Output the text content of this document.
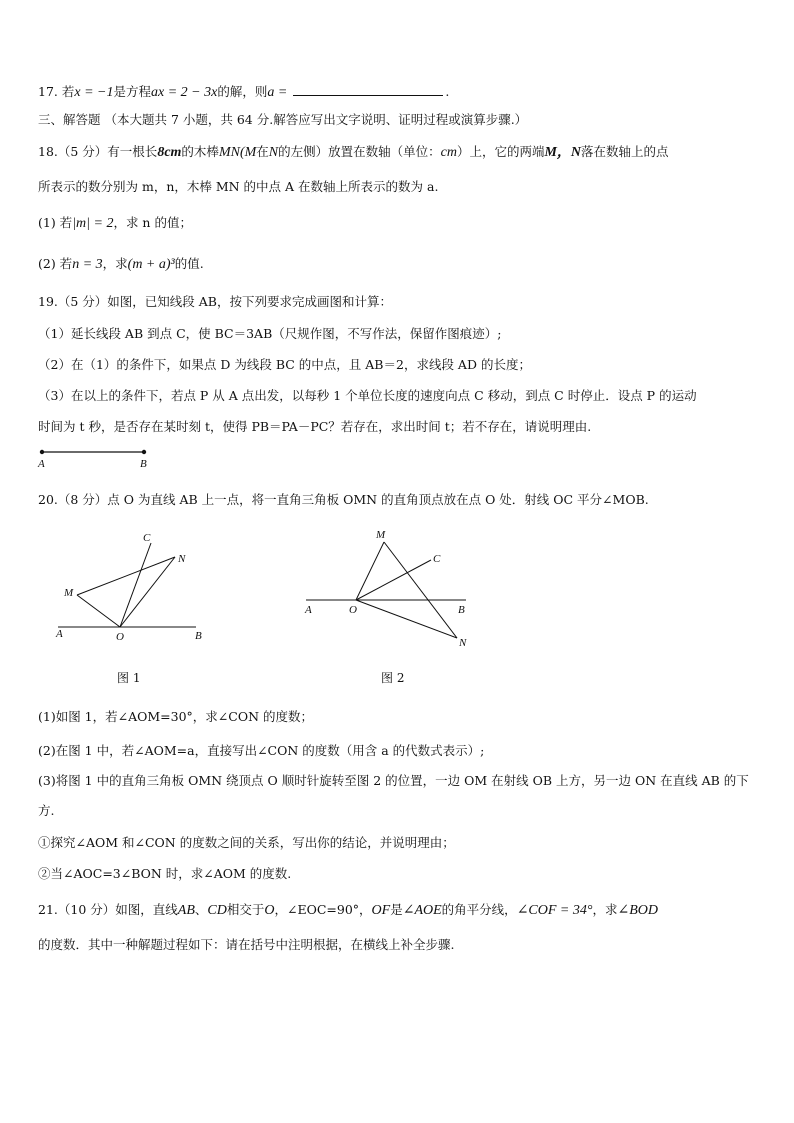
17. 若x = −1是方程ax = 2 − 3x的解，则a =	.
三、解答题 （本大题共 7 小题，共 64 分.解答应写出文字说明、证明过程或演算步骤.）
18.（5 分）有一根长8cm的木棒MN(M在N的左侧）放置在数轴（单位：cm）上，它的两端M，N落在数轴上的点
所表示的数分别为 m，n，木棒 MN 的中点 A 在数轴上所表示的数为 a.
(1) 若|m| = 2，求 n 的值；
(2) 若n = 3，求(m + a)³的值.
19.（5 分）如图，已知线段 AB，按下列要求完成画图和计算：
（1）延长线段 AB 到点 C，使 BC＝3AB（尺规作图，不写作法，保留作图痕迹）;
（2）在（1）的条件下，如果点 D 为线段 BC 的中点，且 AB＝2，求线段 AD 的长度；
（3）在以上的条件下，若点 P 从 A 点出发，以每秒 1 个单位长度的速度向点 C 移动，到点 C 时停止．设点 P 的运动
时间为 t 秒，是否存在某时刻 t，使得 PB＝PA－PC？若存在，求出时间 t；若不存在，请说明理由.
A	B
20.（8 分）点 O 为直线 AB 上一点，将一直角三角板 OMN 的直角顶点放在点 O 处．射线 OC 平分∠MOB.
C
N
M
A	O	B
图 1
M
C
A	O	B
N
图 2
(1)如图 1，若∠AOM=30°，求∠CON 的度数；
(2)在图 1 中，若∠AOM=a，直接写出∠CON 的度数（用含 a 的代数式表示）;
(3)将图 1 中的直角三角板 OMN 绕顶点 O 顺时针旋转至图 2 的位置，一边 OM 在射线 OB 上方，另一边 ON 在直线 AB 的下
方.
①探究∠AOM 和∠CON 的度数之间的关系，写出你的结论，并说明理由；
②当∠AOC=3∠BON 时，求∠AOM 的度数.
21.（10 分）如图，直线AB、CD相交于O，∠EOC=90°，OF是∠AOE的角平分线，∠COF = 34°，求∠BOD
的度数．其中一种解题过程如下：请在括号中注明根据，在横线上补全步骤.
